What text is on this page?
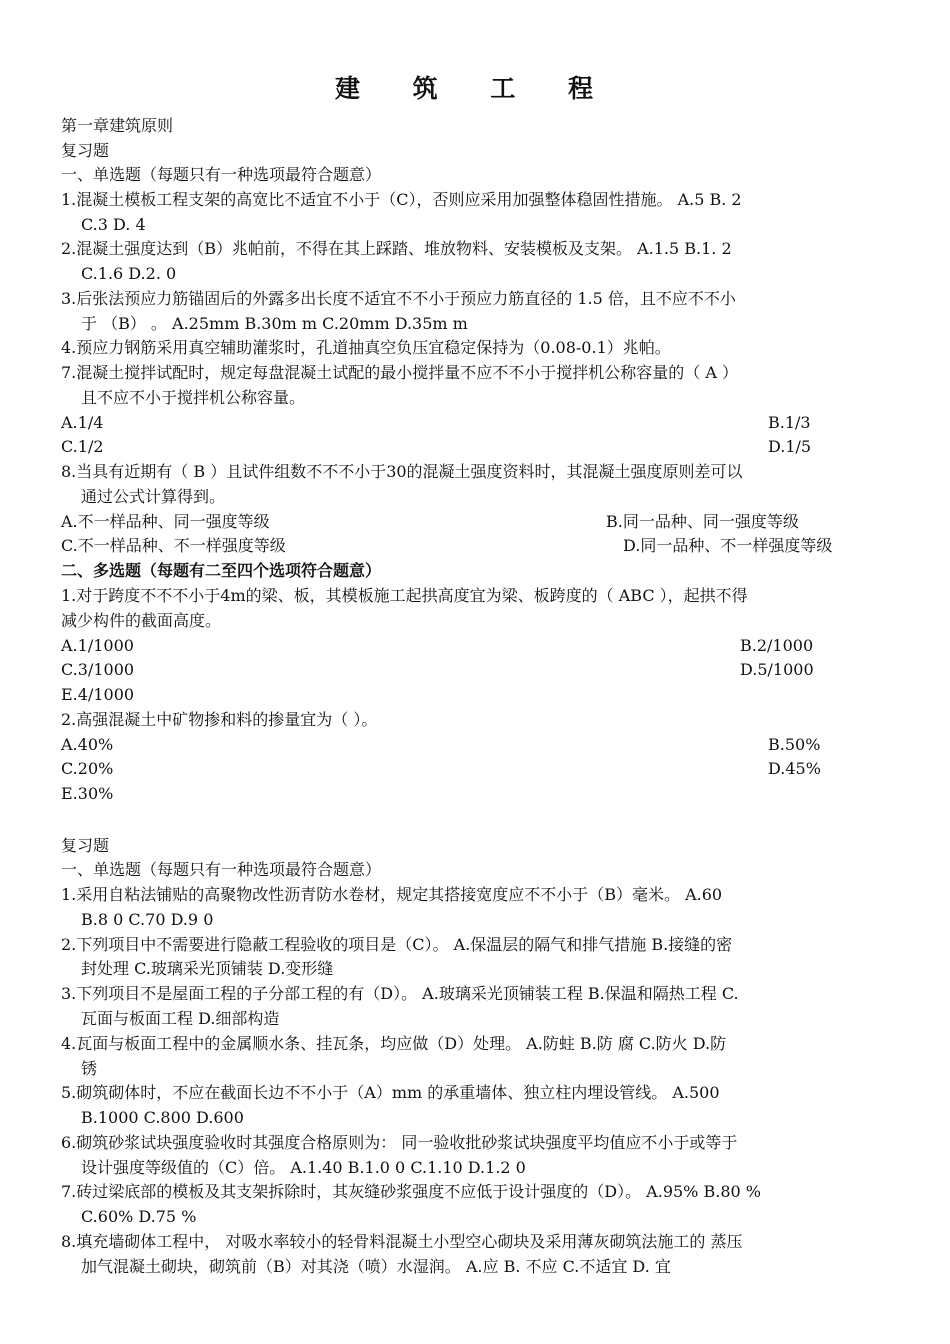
建 筑 工 程
第一章建筑原则
复习题
一、单选题（每题只有一种选项最符合题意）
1.混凝土模板工程支架的高宽比不适宜不小于（C），否则应采用加强整体稳固性措施。 A.5 B. 2
C.3 D. 4
2.混凝土强度达到（B）兆帕前，不得在其上踩踏、堆放物料、安装模板及支架。 A.1.5 B.1. 2
C.1.6 D.2. 0
3.后张法预应力筋锚固后的外露多出长度不适宜不不小于预应力筋直径的 1.5 倍，且不应不不小
于 （B） 。 A.25mm B.30m m C.20mm D.35m m
4.预应力钢筋采用真空辅助灌浆时，孔道抽真空负压宜稳定保持为（0.08-0.1）兆帕。
7.混凝土搅拌试配时，规定每盘混凝土试配的最小搅拌量不应不不小于搅拌机公称容量的（ A ）
且不应不小于搅拌机公称容量。
A.1/4	B.1/3
C.1/2	D.1/5
8.当具有近期有（ B ）且试件组数不不不小于30的混凝土强度资料时，其混凝土强度原则差可以
通过公式计算得到。
A.不一样品种、同一强度等级	B.同一品种、同一强度等级
C.不一样品种、不一样强度等级	D.同一品种、不一样强度等级
二、多选题（每题有二至四个选项符合题意）
1.对于跨度不不不小于4m的梁、板，其模板施工起拱高度宜为梁、板跨度的（ ABC ），起拱不得
减少构件的截面高度。
A.1/1000	B.2/1000
C.3/1000	D.5/1000
E.4/1000
2.高强混凝土中矿物掺和料的掺量宜为（ ）。
A.40%	B.50%
C.20%	D.45%
E.30%
复习题
一、单选题（每题只有一种选项最符合题意）
1.采用自粘法铺贴的高聚物改性沥青防水卷材，规定其搭接宽度应不不小于（B）毫米。 A.60
B.8 0 C.70 D.9 0
2.下列项目中不需要进行隐蔽工程验收的项目是（C）。 A.保温层的隔气和排气措施 B.接缝的密
封处理 C.玻璃采光顶铺装 D.变形缝
3.下列项目不是屋面工程的子分部工程的有（D）。 A.玻璃采光顶铺装工程 B.保温和隔热工程 C.
瓦面与板面工程 D.细部构造
4.瓦面与板面工程中的金属顺水条、挂瓦条，均应做（D）处理。 A.防蛀 B.防 腐 C.防火 D.防
锈
5.砌筑砌体时，不应在截面长边不不小于（A）mm 的承重墙体、独立柱内埋设管线。 A.500
B.1000 C.800 D.600
6.砌筑砂浆试块强度验收时其强度合格原则为： 同一验收批砂浆试块强度平均值应不小于或等于
设计强度等级值的（C）倍。 A.1.40 B.1.0 0 C.1.10 D.1.2 0
7.砖过梁底部的模板及其支架拆除时，其灰缝砂浆强度不应低于设计强度的（D）。 A.95% B.80 %
C.60% D.75 %
8.填充墙砌体工程中， 对吸水率较小的轻骨料混凝土小型空心砌块及采用薄灰砌筑法施工的 蒸压
加气混凝土砌块，砌筑前（B）对其浇（喷）水湿润。 A.应 B. 不应 C.不适宜 D. 宜
